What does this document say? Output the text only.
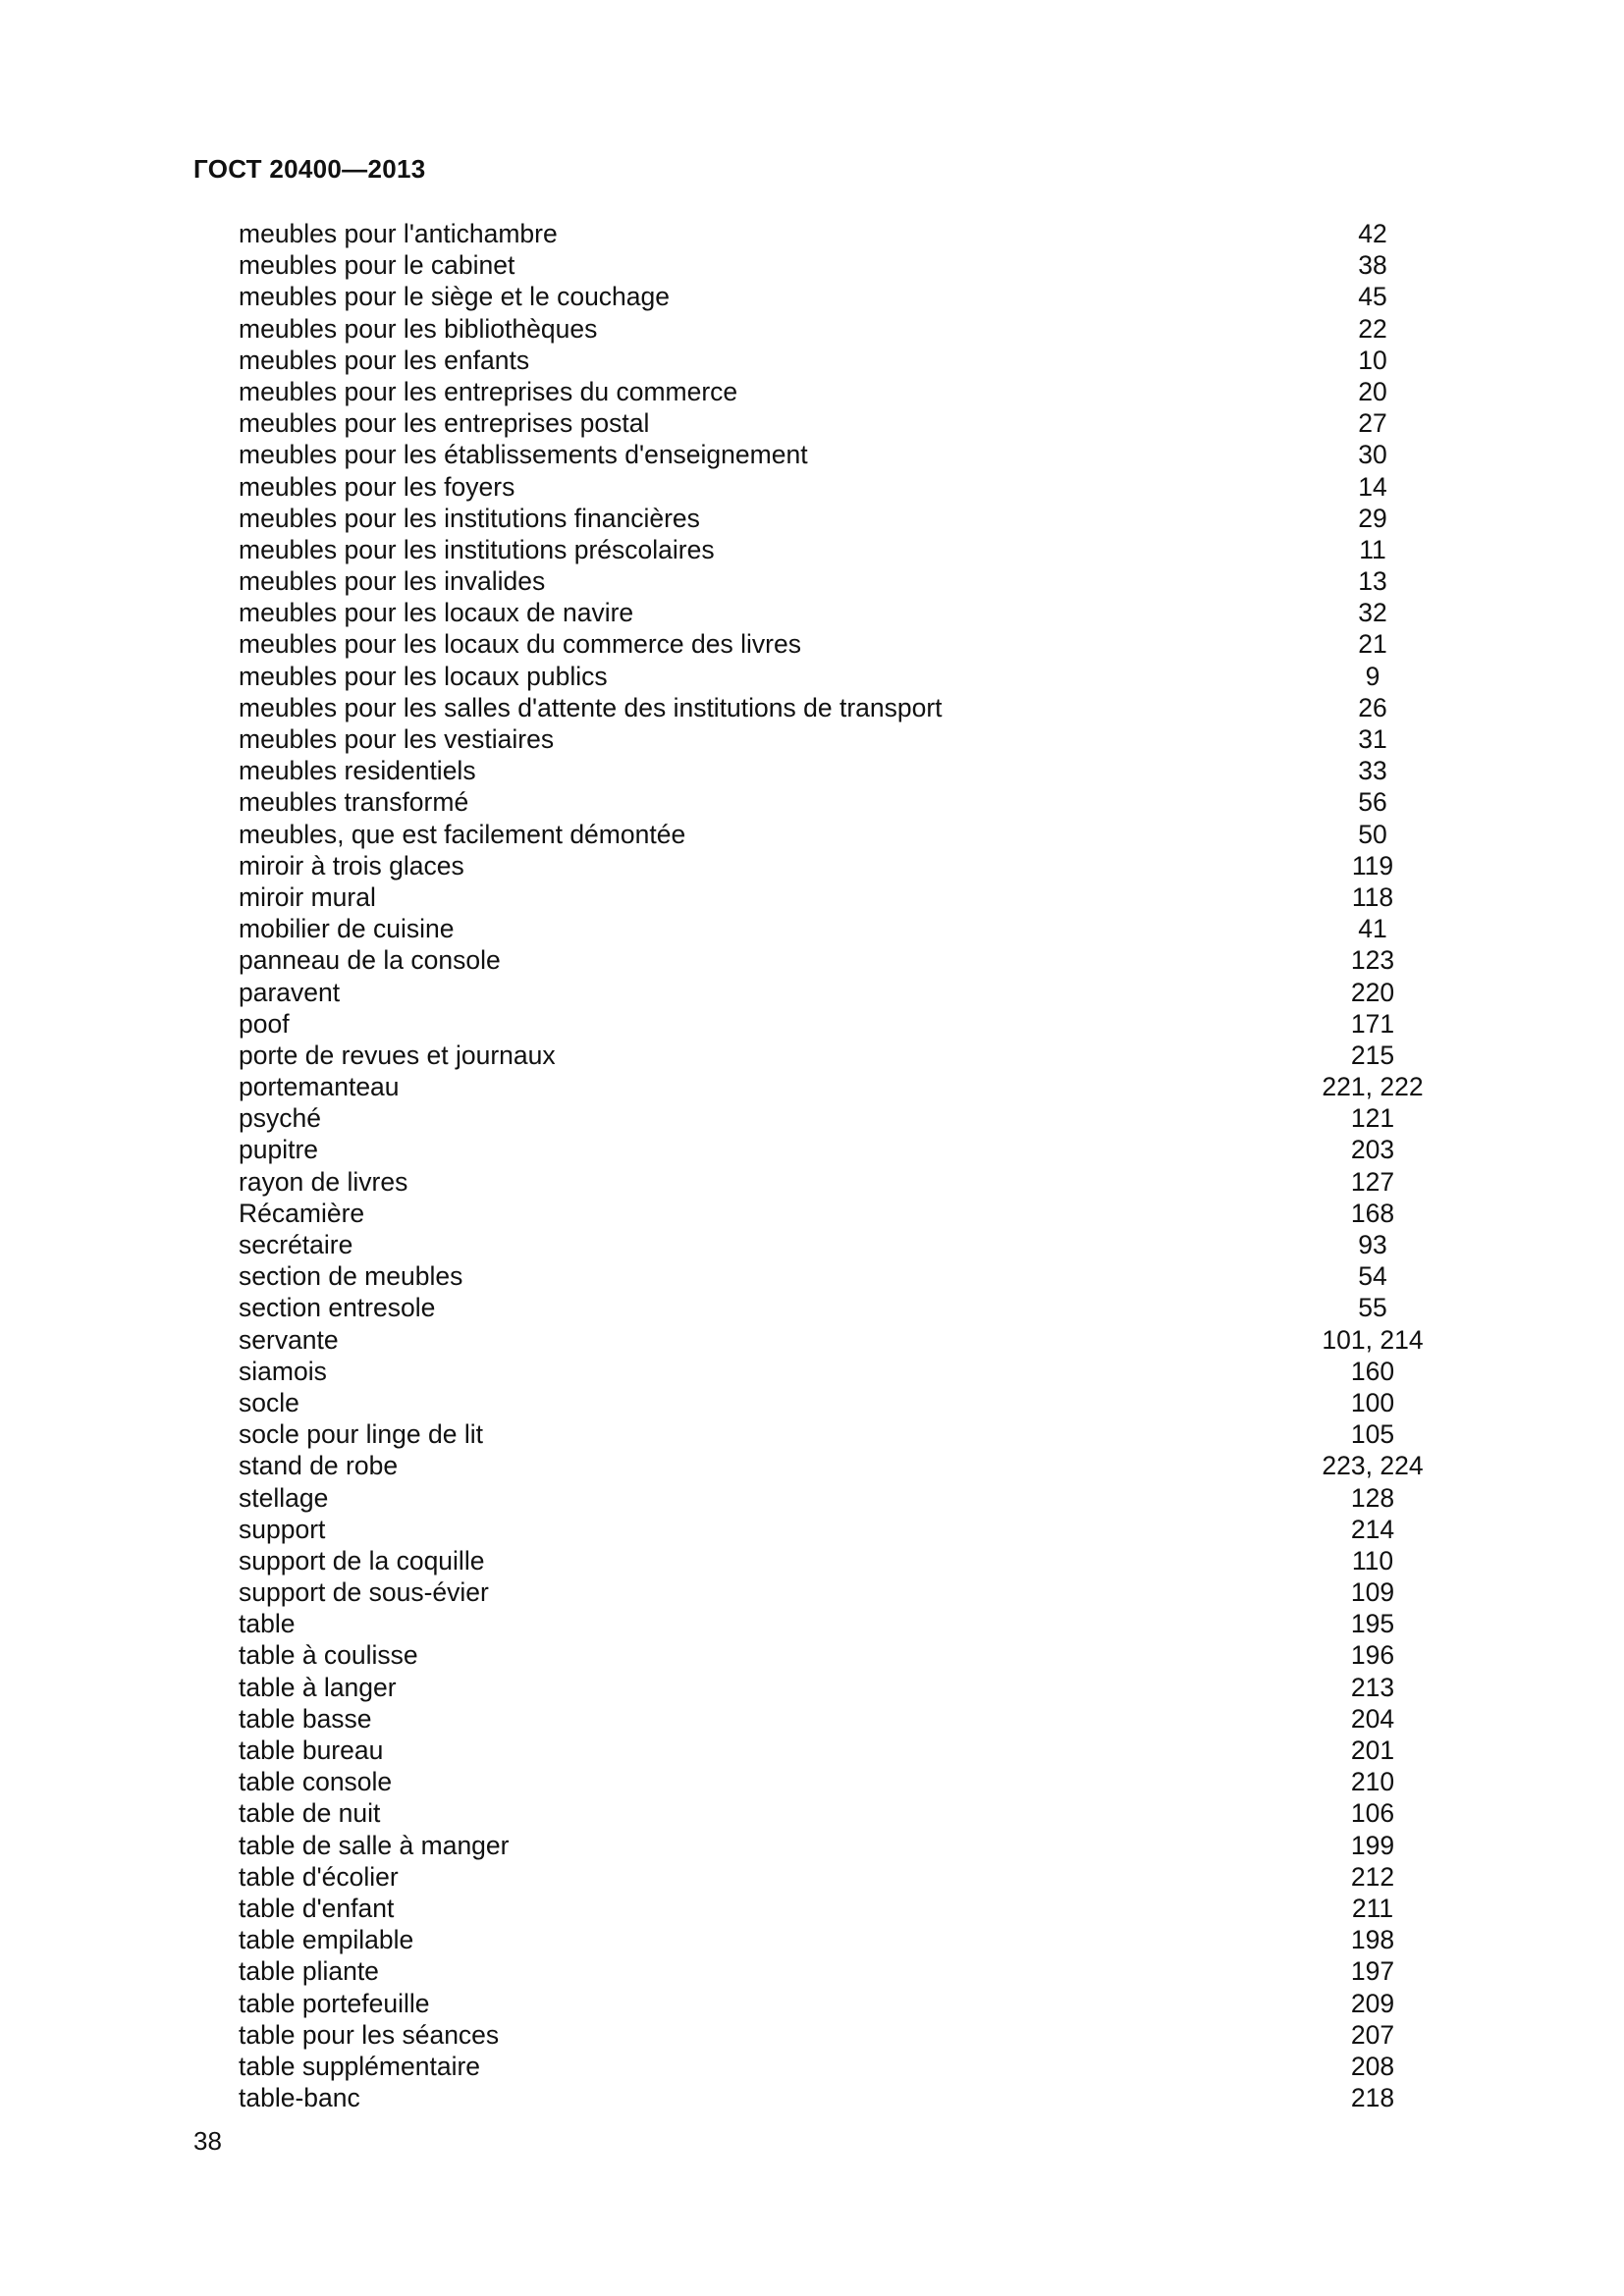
ГОСТ 20400—2013
meubles pour l'antichambre	42
meubles pour le cabinet	38
meubles pour le siège et le couchage	45
meubles pour les bibliothèques	22
meubles pour les enfants	10
meubles pour les entreprises du commerce	20
meubles pour les entreprises postal	27
meubles pour les établissements d'enseignement	30
meubles pour les foyers	14
meubles pour les institutions financières	29
meubles pour les institutions préscolaires	11
meubles pour les invalides	13
meubles pour les locaux de navire	32
meubles pour les locaux du commerce des livres	21
meubles pour les locaux publics	9
meubles pour les salles d'attente des institutions de transport	26
meubles pour les vestiaires	31
meubles residentiels	33
meubles transformé	56
meubles, que est facilement démontée	50
miroir à trois glaces	119
miroir mural	118
mobilier de cuisine	41
panneau de la console	123
paravent	220
poof	171
porte de revues et journaux	215
portemanteau	221, 222
psyché	121
pupitre	203
rayon de livres	127
Récamière	168
secrétaire	93
section de meubles	54
section entresole	55
servante	101, 214
siamois	160
socle	100
socle pour linge de lit	105
stand de robe	223, 224
stellage	128
support	214
support de la coquille	110
support de sous-évier	109
table	195
table à coulisse	196
table à langer	213
table basse	204
table bureau	201
table console	210
table de nuit	106
table de salle à manger	199
table d'écolier	212
table d'enfant	211
table empilable	198
table pliante	197
table portefeuille	209
table pour les séances	207
table supplémentaire	208
table-banc	218
38
